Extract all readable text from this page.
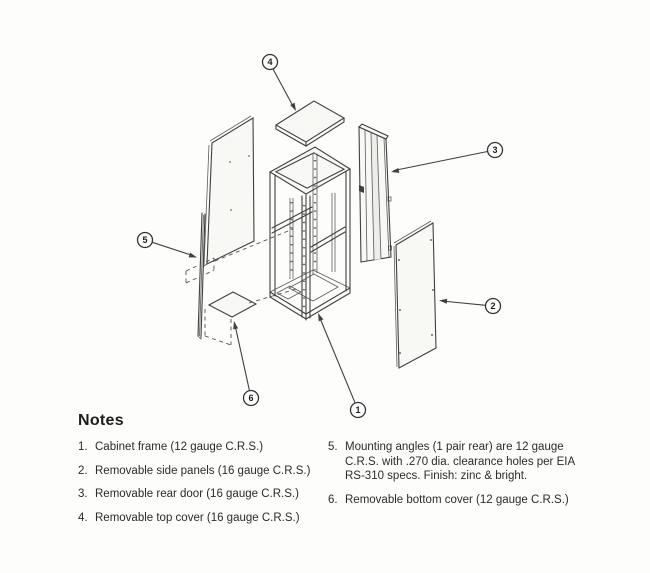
4
3
2
1
5
6
Notes
1. Cabinet frame (12 gauge C.R.S.)
2. Removable side panels (16 gauge C.R.S.)
3. Removable rear door (16 gauge C.R.S.)
4. Removable top cover (16 gauge C.R.S.)
5. Mounting angles (1 pair rear) are 12 gauge C.R.S. with .270 dia. clearance holes per EIA RS-310 specs. Finish: zinc & bright.
6. Removable bottom cover (12 gauge C.R.S.)
